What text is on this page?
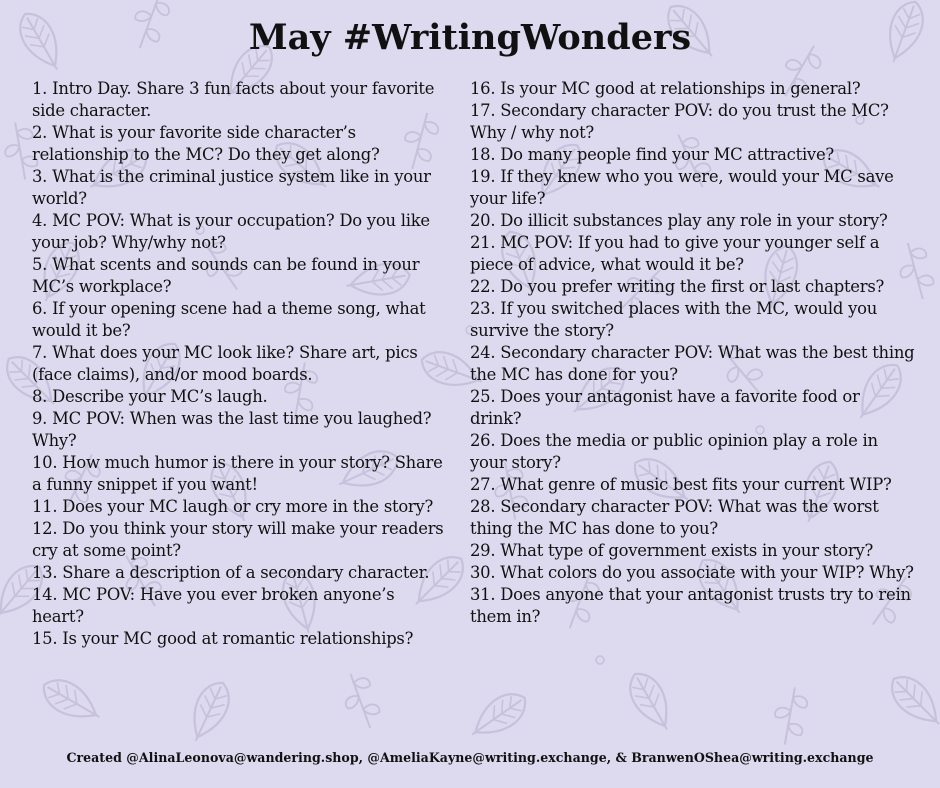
May #WritingWonders
1. Intro Day. Share 3 fun facts about your favorite side character.
2. What is your favorite side character’s relationship to the MC? Do they get along?
3. What is the criminal justice system like in your world?
4. MC POV: What is your occupation? Do you like your job? Why/why not?
5. What scents and sounds can be found in your MC’s workplace?
6. If your opening scene had a theme song, what would it be?
7. What does your MC look like? Share art, pics (face claims), and/or mood boards.
8. Describe your MC’s laugh.
9. MC POV: When was the last time you laughed? Why?
10. How much humor is there in your story? Share a funny snippet if you want!
11. Does your MC laugh or cry more in the story?
12. Do you think your story will make your readers cry at some point?
13. Share a description of a secondary character.
14. MC POV: Have you ever broken anyone’s heart?
15. Is your MC good at romantic relationships?
16. Is your MC good at relationships in general?
17. Secondary character POV: do you trust the MC? Why / why not?
18. Do many people find your MC attractive?
19. If they knew who you were, would your MC save your life?
20. Do illicit substances play any role in your story?
21. MC POV: If you had to give your younger self a piece of advice, what would it be?
22. Do you prefer writing the first or last chapters?
23. If you switched places with the MC, would you survive the story?
24. Secondary character POV: What was the best thing the MC has done for you?
25. Does your antagonist have a favorite food or drink?
26. Does the media or public opinion play a role in your story?
27. What genre of music best fits your current WIP?
28. Secondary character POV: What was the worst thing the MC has done to you?
29. What type of government exists in your story?
30. What colors do you associate with your WIP? Why?
31. Does anyone that your antagonist trusts try to rein them in?
Created @AlinaLeonova@wandering.shop, @AmeliaKayne@writing.exchange, & BranwenOShea@writing.exchange
